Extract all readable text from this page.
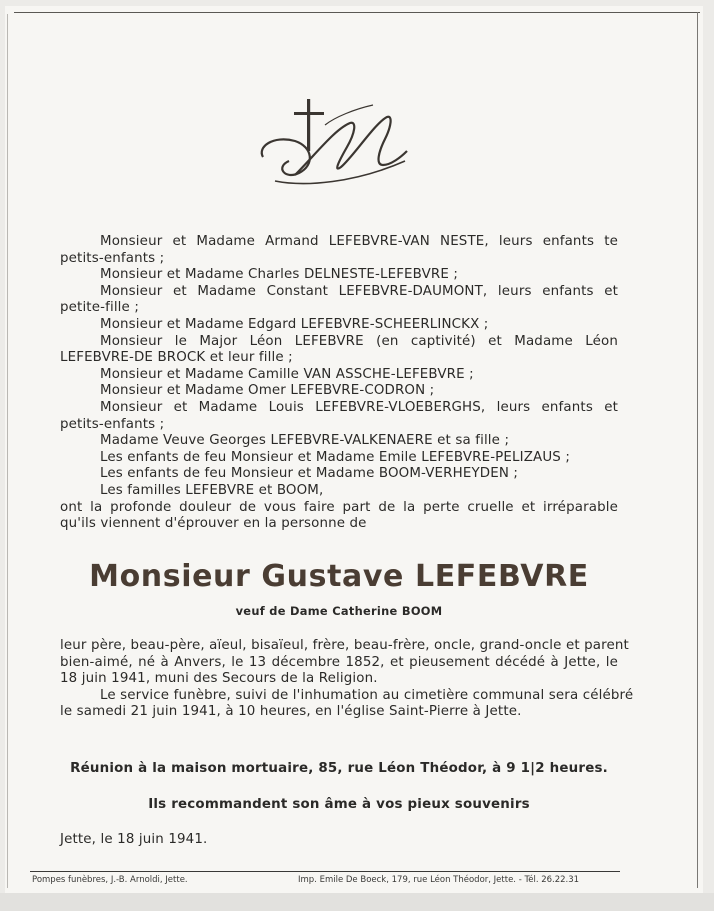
Monsieur et Madame Armand LEFEBVRE-VAN NESTE, leurs enfants te
petits-enfants ;
Monsieur et Madame Charles DELNESTE-LEFEBVRE ;
Monsieur et Madame Constant LEFEBVRE-DAUMONT, leurs enfants et
petite-fille ;
Monsieur et Madame Edgard LEFEBVRE-SCHEERLINCKX ;
Monsieur le Major Léon LEFEBVRE (en captivité) et Madame Léon
LEFEBVRE-DE BROCK et leur fille ;
Monsieur et Madame Camille VAN ASSCHE-LEFEBVRE ;
Monsieur et Madame Omer LEFEBVRE-CODRON ;
Monsieur et Madame Louis LEFEBVRE-VLOEBERGHS, leurs enfants et
petits-enfants ;
Madame Veuve Georges LEFEBVRE-VALKENAERE et sa fille ;
Les enfants de feu Monsieur et Madame Emile LEFEBVRE-PELIZAUS ;
Les enfants de feu Monsieur et Madame BOOM-VERHEYDEN ;
Les familles LEFEBVRE et BOOM,
ont la profonde douleur de vous faire part de la perte cruelle et irréparable
qu'ils viennent d'éprouver en la personne de
Monsieur Gustave LEFEBVRE
veuf de Dame Catherine BOOM
leur père, beau-père, aïeul, bisaïeul, frère, beau-frère, oncle, grand-oncle et parent
bien-aimé, né à Anvers, le 13 décembre 1852, et pieusement décédé à Jette, le
18 juin 1941, muni des Secours de la Religion.
Le service funèbre, suivi de l'inhumation au cimetière communal sera célébré
le samedi 21 juin 1941, à 10 heures, en l'église Saint-Pierre à Jette.
Réunion à la maison mortuaire, 85, rue Léon Théodor, à 9 1|2 heures.
Ils recommandent son âme à vos pieux souvenirs
Jette, le 18 juin 1941.
Pompes funèbres, J.-B. Arnoldi, Jette.	Imp. Emile De Boeck, 179, rue Léon Théodor, Jette. - Tél. 26.22.31
